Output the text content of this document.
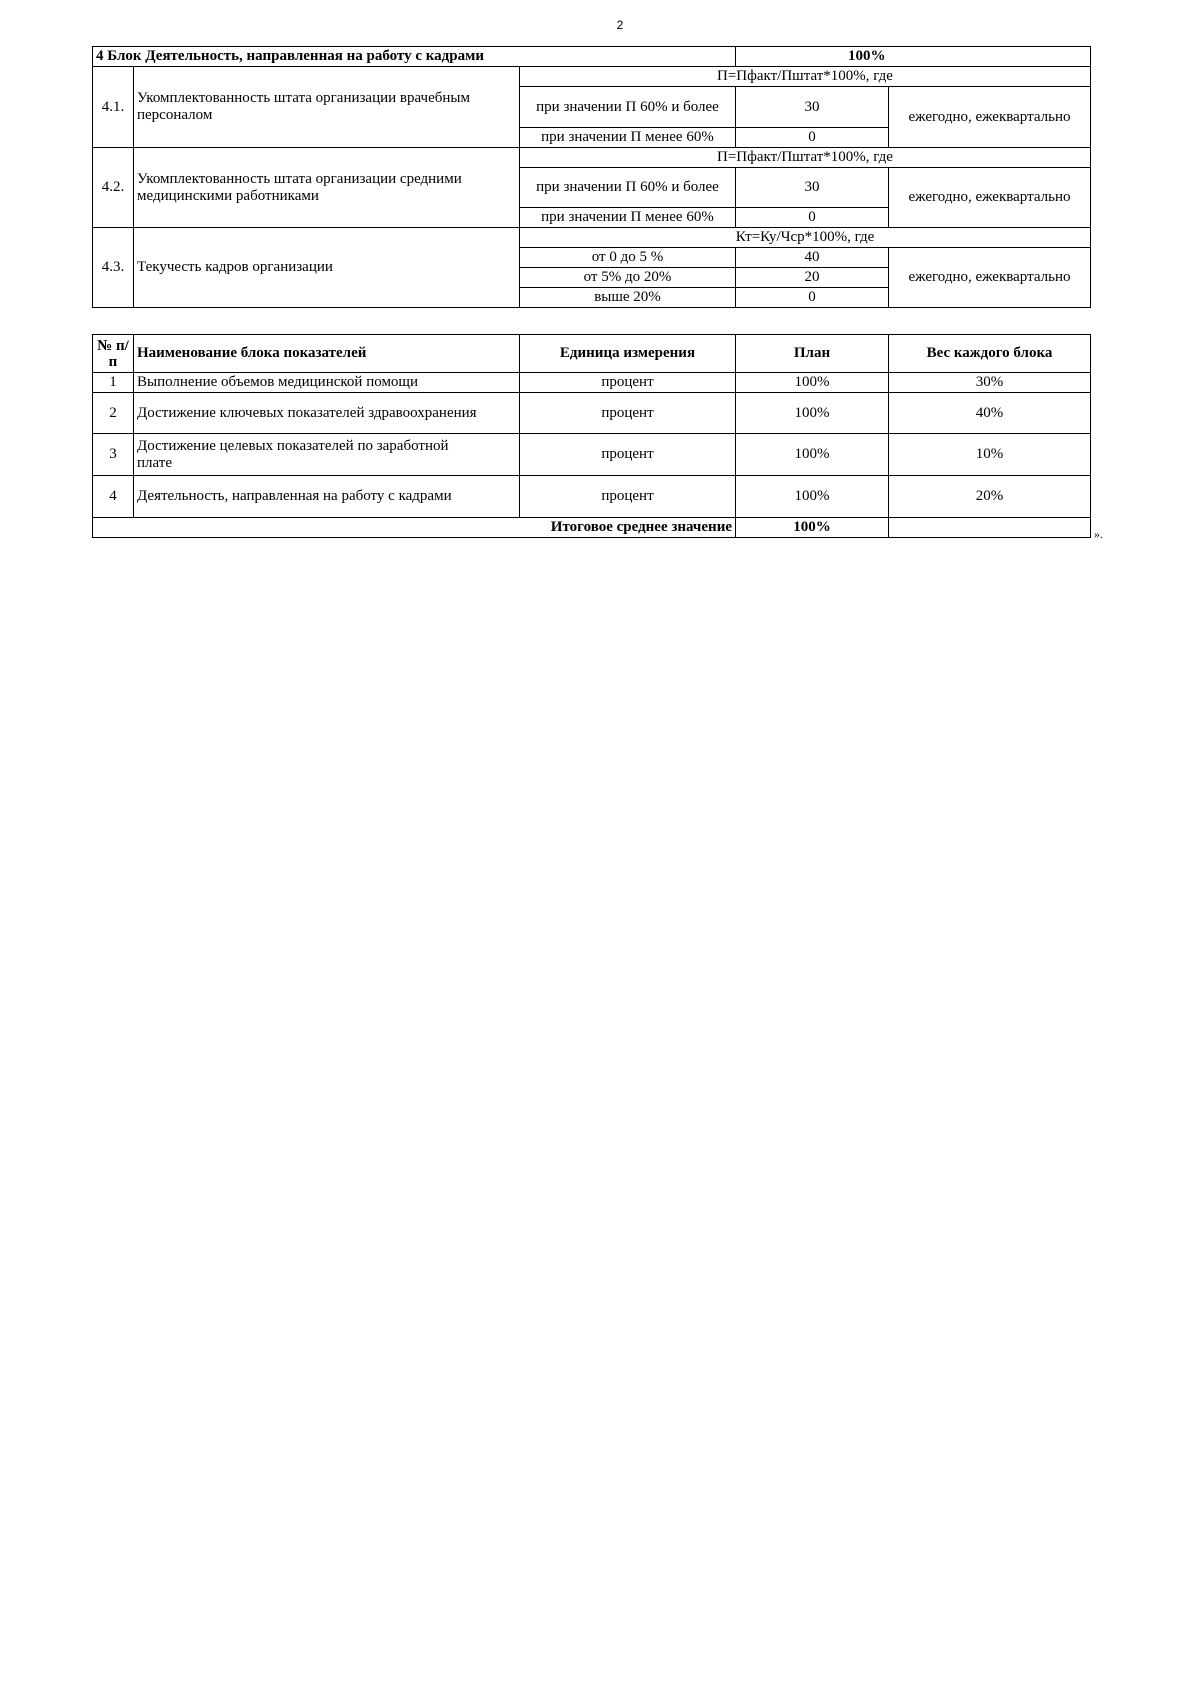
2
4 Блок Деятельность, направленная на работу с кадрами			100%	
4.1.	Укомплектованность штата организации врачебным персоналом	П=Пфакт/Пштат*100%, где		
		при значении П 60% и более	30	ежегодно, ежеквартально
		при значении П менее 60%	0	
4.2.	Укомплектованность штата организации средними медицинскими работниками	П=Пфакт/Пштат*100%, где		
		при значении П 60% и более	30	ежегодно, ежеквартально
		при значении П менее 60%	0	
4.3.	Текучесть кадров организации	Кт=Ку/Чср*100%, где		
		от 0 до 5 %	40	ежегодно, ежеквартально
		от 5% до 20%	20	
		выше 20%	0	
№ п/п	Наименование блока показателей	Единица измерения	План	Вес каждого блока
1	Выполнение объемов медицинской помощи	процент	100%	30%
2	Достижение ключевых показателей здравоохранения	процент	100%	40%
3	Достижение целевых показателей по заработной плате	процент	100%	10%
4	Деятельность, направленная на работу с кадрами	процент	100%	20%
Итоговое среднее значение			100%		».
